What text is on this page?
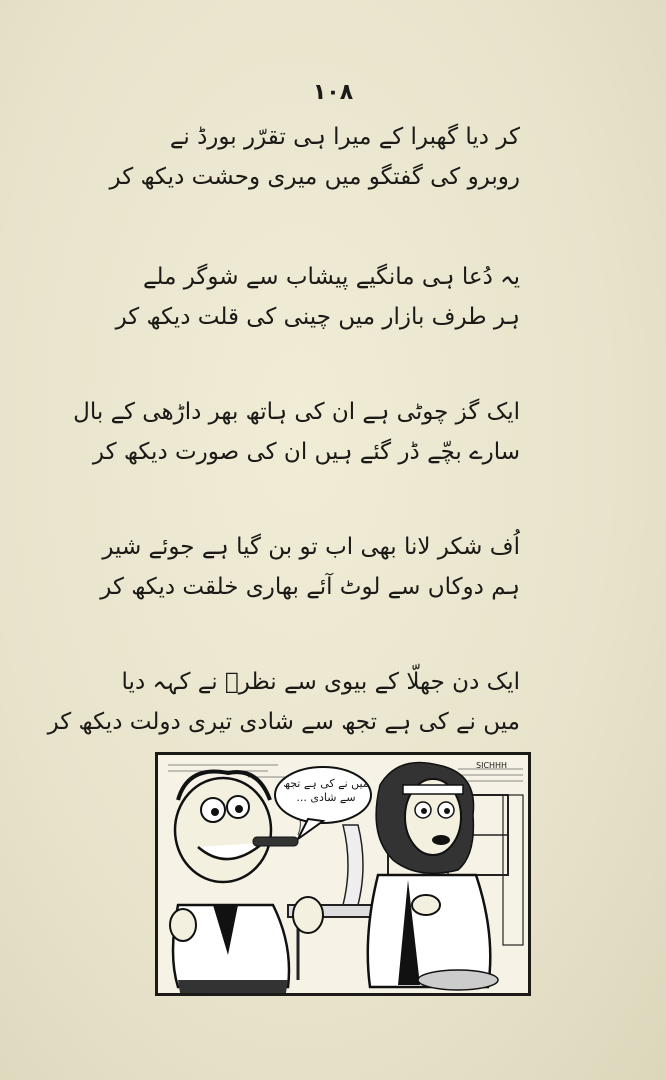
۱۰۸
کر دیا گھبرا کے میرا ہی تقرّر بورڈ نے
روبرو کی گفتگو میں میری وحشت دیکھ کر
یہ دُعا ہی مانگیے پیشاب سے شوگر ملے
ہر طرف بازار میں چینی کی قلت دیکھ کر
ایک گز چوٹی ہے ان کی ہاتھ بھر داڑھی کے بال
سارے بچّے ڈر گئے ہیں ان کی صورت دیکھ کر
اُف شکر لانا بھی اب تو بن گیا ہے جوئے شیر
ہم دوکاں سے لوٹ آئے بھاری خلقت دیکھ کر
ایک دن جھلّا کے بیوی سے نظرؔ نے کہہ دیا
میں نے کی ہے تجھ سے شادی تیری دولت دیکھ کر
میں نے کی ہے تجھ سے شادی ...
SICHHH
